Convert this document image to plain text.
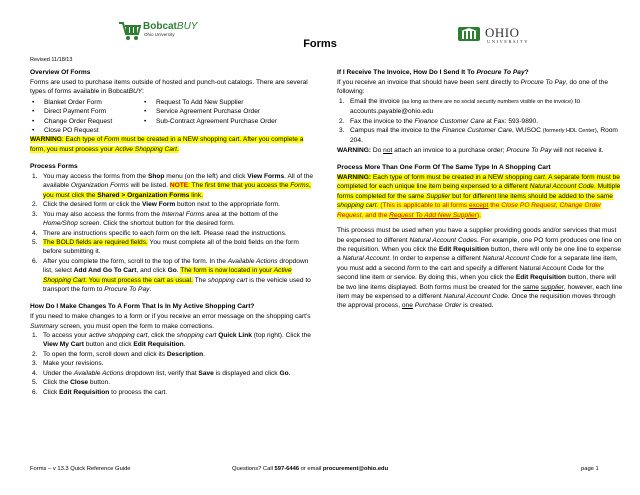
BobcatBUY
Ohio University	OHIO
UNIVERSITY
Forms
Revised 11/18/13
Overview Of Forms
Forms are used to purchase items outside of hosted and punch-out catalogs. There are several types of forms available in BobcatBUY:
• Blanket Order Form	• Request To Add New Supplier
• Direct Payment Form	• Service Agreement Purchase Order
• Change Order Request	• Sub-Contract Agreement Purchase Order
• Close PO Request
WARNING: Each type of Form must be created in a NEW shopping cart. After you complete a form, you must process your Active Shopping Cart.
Process Forms
1. You may access the forms from the Shop menu (on the left) and click View Forms. All of the available Organization Forms will be listed. NOTE: The first time that you access the Forms, you must click the Shared > Organization Forms link.
2. Click the desired form or click the View Form button next to the appropriate form.
3. You may also access the forms from the Internal Forms area at the bottom of the Home/Shop screen. Click the shortcut button for the desired form.
4. There are instructions specific to each form on the left. Please read the instructions.
5. The BOLD fields are required fields. You must complete all of the bold fields on the form before submitting it.
6. After you complete the form, scroll to the top of the form. In the Available Actions dropdown list, select Add And Go To Cart, and click Go. The form is now located in your Active Shopping Cart. You must process the cart as usual. The shopping cart is the vehicle used to transport the form to Procure To Pay.
How Do I Make Changes To A Form That Is In My Active Shopping Cart?
If you need to make changes to a form or if you receive an error message on the shopping cart's Summary screen, you must open the form to make corrections.
1. To access your active shopping cart, click the shopping cart Quick Link (top right). Click the View My Cart button and click Edit Requisition.
2. To open the form, scroll down and click its Description.
3. Make your revisions.
4. Under the Available Actions dropdown list, verify that Save is displayed and click Go.
5. Click the Close button.
6. Click Edit Requisition to process the cart.
If I Receive The Invoice, How Do I Send It To Procure To Pay?
If you receive an invoice that should have been sent directly to Procure To Pay, do one of the following:
1. Email the invoice (as long as there are no social security numbers visible on the invoice) to accounts.payable@ohio.edu
2. Fax the invoice to the Finance Customer Care at Fax: 593-9890.
3. Campus mail the invoice to the Finance Customer Care, WUSOC (formerly HDL Center), Room 204.
WARNING: Do not attach an invoice to a purchase order; Procure To Pay will not receive it.
Process More Than One Form Of The Same Type In A Shopping Cart
WARNING: Each type of form must be created in a NEW shopping cart. A separate form must be completed for each unique line item being expensed to a different Natural Account Code. Multiple forms completed for the same Supplier but for different line items should be added to the same shopping cart. (This is applicable to all forms except the Close PO Request, Change Order Request, and the Request To Add New Supplier).
This process must be used when you have a supplier providing goods and/or services that must be expensed to different Natural Account Codes. For example, one PO form produces one line on the requisition. When you click the Edit Requisition button, there will only be one line to expense a Natural Account. In order to expense a different Natural Account Code for a separate line item, you must add a second form to the cart and specify a different Natural Account Code for the second line item or service. By doing this, when you click the Edit Requisition button, there will be two line items displayed. Both forms must be created for the same supplier, however, each line item may be expensed to a different Natural Account Code. Once the requisition moves through the approval process, one Purchase Order is created.
Forms – v 13.3 Quick Reference Guide	Questions? Call 597-6446 or email procurement@ohio.edu	page 1
